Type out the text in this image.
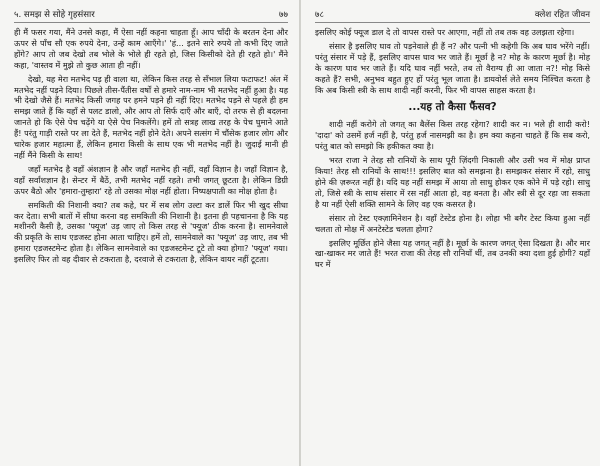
५. समझ से सोहे गृहसंसार	७७

ही मैं फसर गया, मैंने उनसे कहा, मैं ऐसा नहीं कहना चाहता हूँ। आप चाँदी के बरतन देना और ऊपर से पाँच सौ एक रुपये देना, उन्हें काम आएँगे।' 'हं... इतने सारे रुपये तो कभी दिए जाते होंगे? आप तो जब देखो तब भोले के भोले ही रहते हो, जिस किसीको देते ही रहते हो।' मैंने कहा, 'वास्तव में मुझे तो कुछ आता ही नहीं।

देखो, यह मेरा मतभेद पड़ ही वाला था, लेकिन किस तरह से सँभाल लिया फटाफट! अंत में मतभेद नहीं पड़ने दिया। पिछले तीस-पैंतीस वर्षों से हमारे नाम-नाम भी मतभेद नहीं हुआ है। यह भी देखो जैसे हैं। मतभेद किसी जगह पर हमने पड़ने ही नहीं दिए। मतभेद पड़ने से पहले ही हम समझ जाते हैं कि यहाँ से पलट डालो, और आप तो सिर्फ दाएँ और बाएँ, दो तरफ से ही बदलना जानते हो कि ऐसे पेच चढ़ेंगे या ऐसे पेच निकलेंगे। हमें तो सत्रह लाख तरह के पेच घुमाने आते हैं! परंतु गाड़ी रास्ते पर ला देते हैं, मतभेद नहीं होने देते। अपने सत्संग में चौंसेक हजार लोग और चारेक हजार महात्मा हैं, लेकिन हमारा किसी के साथ एक भी मतभेद नहीं है। जुदाई मानी ही नहीं मैंने किसी के साथ!

जहाँ मतभेद है वहाँ अंशज्ञान है और जहाँ मतभेद ही नहीं, वहाँ विज्ञान है। जहाँ विज्ञान है, वहाँ सर्वांशज्ञान है। सेन्टर में बैठें, तभी मतभेद नहीं रहते। तभी जगत् छूटता है। लेकिन डिग्री ऊपर बैठो और 'हमारा-तुम्हारा' रहे तो उसका मोक्ष नहीं होता। निष्पक्षपाती का मोक्ष होता है।

समकिती की निशानी क्या? तब कहे, घर में सब लोग उल्टा कर डालें फिर भी खुद सीधा कर देता। सभी बातों में सीधा करना वह समकिती की निशानी है। इतना ही पहचानना है कि यह मशीनरी कैसी है, उसका 'फ्यूज' उड़ जाए तो किस तरह से 'फ्यूज' ठीक करना है। सामनेवाले की प्रकृति के साथ एडजस्ट होना आता चाहिए। हमें तो, सामनेवाले का 'फ्यूज' उड़ जाए, तब भी हमारा एडजस्टमेन्ट होता है। लेकिन सामनेवाले का एडजस्टमेन्ट टूटे तो क्या होगा? 'फ्यूज' गया। इसलिए फिर तो वह दीवार से टकराता है, दरवाजे से टकराता है, लेकिन वायर नहीं टूटता।

७८	क्लेश रहित जीवन

इसलिए कोई फ्यूज डाल दे तो वापस रास्ते पर आएगा, नहीं तो तब तक वह उलझता रहेगा।

संसार है इसलिए घाव तो पड़नेवाले ही हैं न? और पत्नी भी कहेगी कि अब घाव भरेंगे नहीं। परंतु संसार में पड़े हैं, इसलिए वापस घाव भर जाते हैं। मूर्छा है न? मोह के कारण मूर्छा है। मोह के कारण घाव भर जाते हैं। यदि घाव नहीं भरते, तब तो वैराग्य ही आ जाता न?! मोह किसे कहते हैं? सभी, अनुभव बहुत हुए हों परंतु भूल जाता है। डायवोर्स लेते समय निश्चित करता है कि अब किसी स्त्री के साथ शादी नहीं करनी, फिर भी वापस साहस करता है।

...यह तो कैसा फैंसव?

शादी नहीं करोगे तो जगत् का बैलेंस किस तरह रहेगा? शादी कर न। भले ही शादी करो! 'दादा' को उसमें हर्ज नहीं है, परंतु हर्ज नासमझी का है। हम क्या कहना चाहते हैं कि सब करो, परंतु बात को समझो कि हकीकत क्या है।

भरत राजा ने तेरह सौ रानियों के साथ पूरी ज़िंदगी निकाली और उसी भव में मोक्ष प्राप्त किया! तेरह सौ रानियों के साथ!!! इसलिए बात को समझना है। समझकर संसार में रहो, साधु होने की ज़रूरत नहीं है। यदि यह नहीं समझ में आया तो साधु होकर एक कोने में पड़े रहो। साधु तो, जिसे स्त्री के साथ संसार में रस नहीं आता हो, वह बनता है। और स्त्री से दूर रहा जा सकता है या नहीं ऐसी शक्ति सामने के लिए वह एक कसरत है।

संसार तो टेस्ट एक्ज़ामिनेशन है। वहाँ टेस्टेड होना है। लोहा भी बगैर टेस्ट किया हुआ नहीं चलता तो मोक्ष में अनटेस्टेड चलता होगा?

इसलिए मूर्छित होने जैसा यह जगत् नहीं है। मूर्छा के कारण जगत् ऐसा दिखता है। और मार खा-खाकर मर जाते हैं! भरत राजा की तेरह सौ रानियाँ थीं, तब उनकी क्या दशा हुई होगी? यहाँ घर में
